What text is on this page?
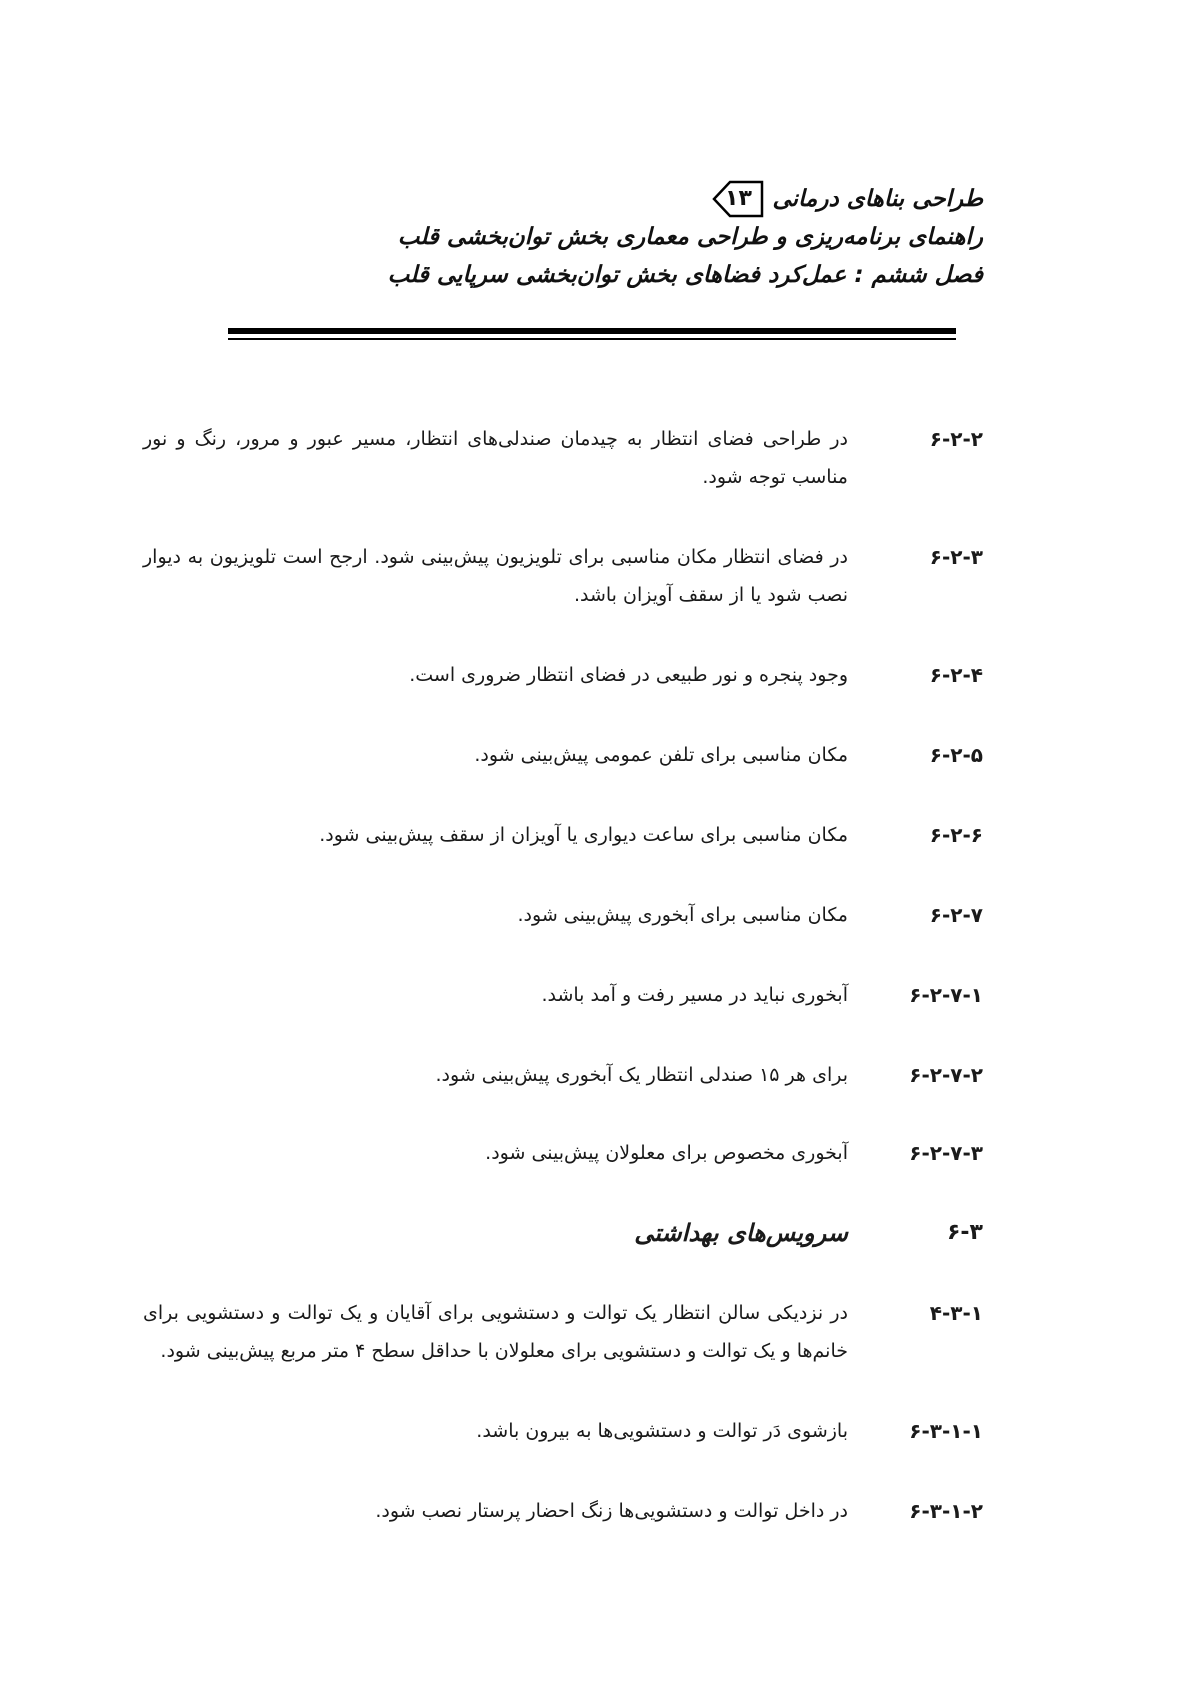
طراحی بناهای درمانی
۱۳
راهنمای برنامه‌ریزی و طراحی معماری بخش توان‌بخشی قلب
فصل ششم : عمل‌کرد فضاهای بخش توان‌بخشی سرپایی قلب
۶-۲-۲
در طراحی فضای انتظار به چیدمان صندلی‌های انتظار، مسیر عبور و مرور، رنگ و نور مناسب توجه شود.
۶-۲-۳
در فضای انتظار مکان مناسبی برای تلویزیون پیش‌بینی شود. ارجح است تلویزیون به دیوار نصب شود یا از سقف آویزان باشد.
۶-۲-۴
وجود پنجره و نور طبیعی در فضای انتظار ضروری است.
۶-۲-۵
مکان مناسبی برای تلفن عمومی پیش‌بینی شود.
۶-۲-۶
مکان مناسبی برای ساعت دیواری یا آویزان از سقف پیش‌بینی شود.
۶-۲-۷
مکان مناسبی برای آبخوری پیش‌بینی شود.
۶-۲-۷-۱
آبخوری نباید در مسیر رفت و آمد باشد.
۶-۲-۷-۲
برای هر ۱۵ صندلی انتظار یک آبخوری پیش‌بینی شود.
۶-۲-۷-۳
آبخوری مخصوص برای معلولان پیش‌بینی شود.
۶-۳
سرویس‌های بهداشتی
۴-۳-۱
در نزدیکی سالن انتظار یک توالت و دستشویی برای آقایان و یک توالت و دستشویی برای خانم‌ها و یک توالت و دستشویی برای معلولان با حداقل سطح ۴ متر مربع پیش‌بینی شود.
۶-۳-۱-۱
بازشوی دَر توالت و دستشویی‌ها به بیرون باشد.
۶-۳-۱-۲
در داخل توالت و دستشویی‌ها زنگ احضار پرستار نصب شود.
